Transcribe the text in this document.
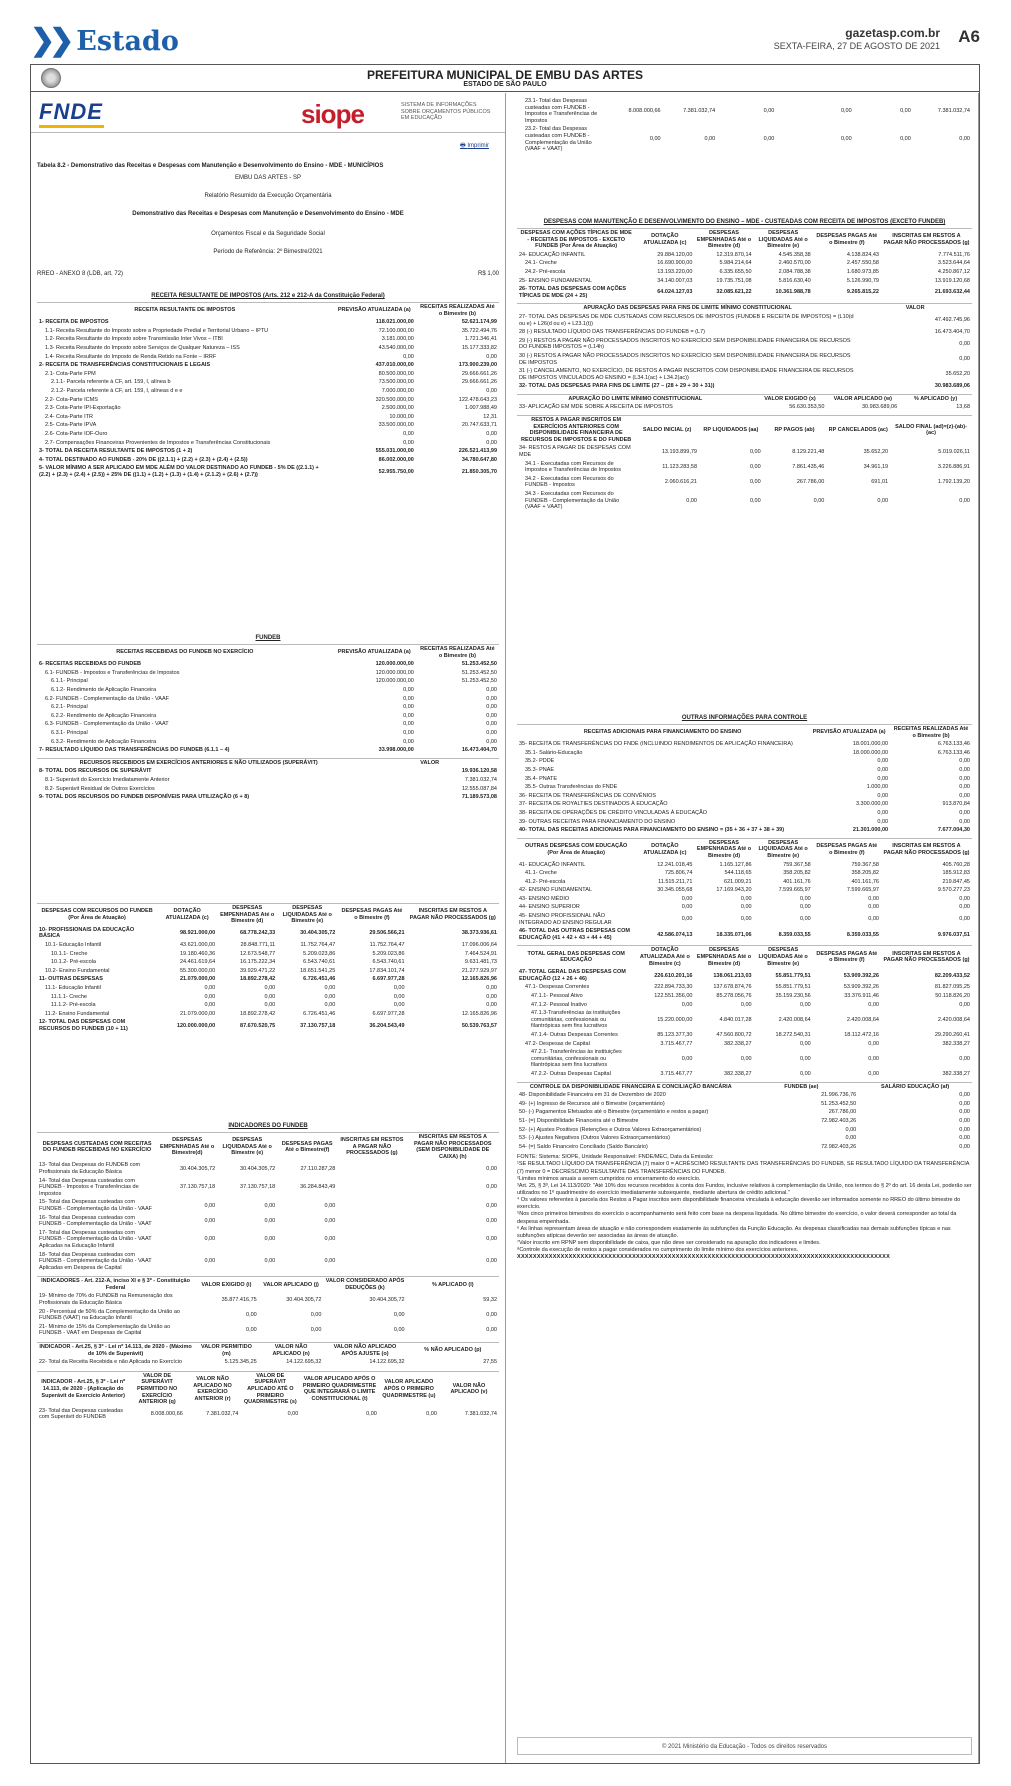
❯❯ Estado	gazetasp.com.br
SEXTA-FEIRA, 27 DE AGOSTO DE 2021 A6
PREFEITURA MUNICIPAL DE EMBU DAS ARTES
ESTADO DE SÃO PAULO
FNDE	siope	SISTEMA DE INFORMAÇÕES SOBRE ORÇAMENTOS PÚBLICOS EM EDUCAÇÃO
🖶 Imprimir
Tabela 8.2 - Demonstrativo das Receitas e Despesas com Manutenção e Desenvolvimento do Ensino - MDE - MUNICÍPIOS
EMBU DAS ARTES - SP
Relatório Resumido da Execução Orçamentária
Demonstrativo das Receitas e Despesas com Manutenção e Desenvolvimento do Ensino - MDE
Orçamentos Fiscal e da Seguridade Social
Período de Referência: 2º Bimestre/2021
RREO - ANEXO 8 (LDB, art. 72)	R$ 1,00
RECEITA RESULTANTE DE IMPOSTOS (Arts. 212 e 212-A da Constituição Federal)
RECEITA RESULTANTE DE IMPOSTOS	PREVISÃO ATUALIZADA (a)	RECEITAS REALIZADAS Até o Bimestre (b)
1- RECEITA DE IMPOSTOS	118.021.000,00	52.621.174,99
1.1- Receita Resultante do Imposto sobre a Propriedade Predial e Territorial Urbano – IPTU	72.100.000,00	35.722.494,76
1.2- Receita Resultante do Imposto sobre Transmissão Inter Vivos – ITBI	3.181.000,00	1.721.346,41
1.3- Receita Resultante do Imposto sobre Serviços de Qualquer Natureza – ISS	43.540.000,00	15.177.333,82
1.4- Receita Resultante do Imposto de Renda Retido na Fonte – IRRF	0,00	0,00
2- RECEITA DE TRANSFERÊNCIAS CONSTITUCIONAIS E LEGAIS	437.010.000,00	173.900.239,00
2.1- Cota-Parte FPM	80.500.000,00	29.666.661,26
2.1.1- Parcela referente à CF, art. 159, I, alínea b	73.500.000,00	29.666.661,26
2.1.2- Parcela referente à CF, art. 159, I, alíneas d e e	7.000.000,00	0,00
2.2- Cota-Parte ICMS	320.500.000,00	122.478.643,23
2.3- Cota-Parte IPI-Exportação	2.500.000,00	1.007.988,49
2.4- Cota-Parte ITR	10.000,00	12,31
2.5- Cota-Parte IPVA	33.500.000,00	20.747.633,71
2.6- Cota-Parte IOF-Ouro	0,00	0,00
2.7- Compensações Financeiras Provenientes de Impostos e Transferências Constitucionais	0,00	0,00
3- TOTAL DA RECEITA RESULTANTE DE IMPOSTOS (1 + 2)	555.031.000,00	226.521.413,99
4- TOTAL DESTINADO AO FUNDEB - 20% DE ((2.1.1) + (2.2) + (2.3) + (2.4) + (2.5))	86.002.000,00	34.780.647,80
5- VALOR MÍNIMO A SER APLICADO EM MDE ALÉM DO VALOR DESTINADO AO FUNDEB - 5% DE ((2.1.1) + (2.2) + (2.3) + (2.4) + (2.5)) + 25% DE ((1.1) + (1.2) + (1.3) + (1.4) + (2.1.2) + (2.6) + (2.7))	52.955.750,00	21.850.305,70
FUNDEB
RECEITAS RECEBIDAS DO FUNDEB NO EXERCÍCIO	PREVISÃO ATUALIZADA (a)	RECEITAS REALIZADAS Até o Bimestre (b)
6- RECEITAS RECEBIDAS DO FUNDEB	120.000.000,00	51.253.452,50
6.1- FUNDEB - Impostos e Transferências de Impostos	120.000.000,00	51.253.452,50
6.1.1- Principal	120.000.000,00	51.253.452,50
6.1.2- Rendimento de Aplicação Financeira	0,00	0,00
6.2- FUNDEB - Complementação da União - VAAF	0,00	0,00
6.2.1- Principal	0,00	0,00
6.2.2- Rendimento de Aplicação Financeira	0,00	0,00
6.3- FUNDEB - Complementação da União - VAAT	0,00	0,00
6.3.1- Principal	0,00	0,00
6.3.2- Rendimento de Aplicação Financeira	0,00	0,00
7- RESULTADO LÍQUIDO DAS TRANSFERÊNCIAS DO FUNDEB (6.1.1 – 4)	33.998.000,00	16.473.404,70
RECURSOS RECEBIDOS EM EXERCÍCIOS ANTERIORES E NÃO UTILIZADOS (SUPERÁVIT)	VALOR
8- TOTAL DOS RECURSOS DE SUPERÁVIT	19.936.120,58
8.1- Superávit do Exercício Imediatamente Anterior	7.381.032,74
8.2- Superávit Residual de Outros Exercícios	12.555.087,84
9- TOTAL DOS RECURSOS DO FUNDEB DISPONÍVEIS PARA UTILIZAÇÃO (6 + 8)	71.189.573,08
DESPESAS COM RECURSOS DO FUNDEB (Por Área de Atuação)	DOTAÇÃO ATUALIZADA (c)	DESPESAS EMPENHADAS Até o Bimestre (d)	DESPESAS LIQUIDADAS Até o Bimestre (e)	DESPESAS PAGAS Até o Bimestre (f)	INSCRITAS EM RESTOS A PAGAR NÃO PROCESSADOS (g)
10- PROFISSIONAIS DA EDUCAÇÃO BÁSICA	98.921.000,00	68.778.242,33	30.404.305,72	29.506.566,21	38.373.936,61
10.1- Educação Infantil	43.621.000,00	28.848.771,11	11.752.764,47	11.752.764,47	17.096.006,64
10.1.1- Creche	19.180.460,36	12.673.548,77	5.209.023,86	5.209.023,86	7.464.524,91
10.1.2- Pré-escola	24.461.619,64	16.175.222,34	6.543.740,61	6.543.740,61	9.631.481,73
10.2- Ensino Fundamental	55.300.000,00	39.929.471,22	18.651.541,25	17.834.101,74	21.277.929,97
11- OUTRAS DESPESAS	21.079.000,00	18.892.278,42	6.726.451,46	6.697.977,28	12.165.826,96
11.1- Educação Infantil	0,00	0,00	0,00	0,00	0,00
11.1.1- Creche	0,00	0,00	0,00	0,00	0,00
11.1.2- Pré-escola	0,00	0,00	0,00	0,00	0,00
11.2- Ensino Fundamental	21.079.000,00	18.892.278,42	6.726.451,46	6.697.977,28	12.165.826,96
12- TOTAL DAS DESPESAS COM RECURSOS DO FUNDEB (10 + 11)	120.000.000,00	87.670.520,75	37.130.757,18	36.204.543,49	50.539.763,57
INDICADORES DO FUNDEB
DESPESAS CUSTEADAS COM RECEITAS DO FUNDEB RECEBIDAS NO EXERCÍCIO	DESPESAS EMPENHADAS Até o Bimestre(d)	DESPESAS LIQUIDADAS Até o Bimestre (e)	DESPESAS PAGAS Até o Bimestre(f)	INSCRITAS EM RESTOS A PAGAR NÃO PROCESSADOS (g)	INSCRITAS EM RESTOS A PAGAR NÃO PROCESSADOS (SEM DISPONIBILIDADE DE CAIXA) (h)
13- Total das Despesas do FUNDEB com Profissionais da Educação Básica	30.404.305,72	30.404.305,72	27.110.287,28		0,00
14- Total das Despesas custeadas com FUNDEB - Impostos e Transferências de Impostos	37.130.757,18	37.130.757,18	36.284.843,49		0,00
15- Total das Despesas custeadas com FUNDEB - Complementação da União - VAAF	0,00	0,00	0,00		0,00
16- Total das Despesas custeadas com FUNDEB - Complementação da União - VAAT	0,00	0,00	0,00		0,00
17- Total das Despesas custeadas com FUNDEB - Complementação da União - VAAT Aplicadas na Educação Infantil	0,00	0,00	0,00		0,00
18- Total das Despesas custeadas com FUNDEB - Complementação da União - VAAT Aplicadas em Despesa de Capital	0,00	0,00	0,00		0,00
INDICADORES - Art. 212-A, inciso XI e § 3º - Constituição Federal	VALOR EXIGIDO (i)	VALOR APLICADO (j)	VALOR CONSIDERADO APÓS DEDUÇÕES (k)	% APLICADO (l)
19- Mínimo de 70% do FUNDEB na Remuneração dos Profissionais da Educação Básica	35.877.416,75	30.404.305,72	30.404.305,72	59,32
20 - Percentual de 50% da Complementação da União ao FUNDEB (VAAT) na Educação Infantil	0,00	0,00	0,00	0,00
21- Mínimo de 15% da Complementação da União ao FUNDEB - VAAT em Despesas de Capital	0,00	0,00	0,00	0,00
INDICADOR - Art.25, § 3º - Lei nº 14.113, de 2020 - (Máximo de 10% de Superávit)	VALOR PERMITIDO (m)	VALOR NÃO APLICADO (n)	VALOR NÃO APLICADO APÓS AJUSTE (o)	% NÃO APLICADO (p)
22- Total da Receita Recebida e não Aplicada no Exercício	5.125.345,25	14.122.695,32	14.122.695,32	27,55
INDICADOR - Art.25, § 3º - Lei nº 14.113, de 2020 - (Aplicação do Superávit de Exercício Anterior)	VALOR DE SUPERÁVIT PERMITIDO NO EXERCÍCIO ANTERIOR (q)	VALOR NÃO APLICADO NO EXERCÍCIO ANTERIOR (r)	VALOR DE SUPERÁVIT APLICADO ATÉ O PRIMEIRO QUADRIMESTRE (s)	VALOR APLICADO APÓS O PRIMEIRO QUADRIMESTRE QUE INTEGRARÁ O LIMITE CONSTITUCIONAL (t)	VALOR APLICADO APÓS O PRIMEIRO QUADRIMESTRE (u)	VALOR NÃO APLICADO (v)
23- Total das Despesas custeadas com Superávit do FUNDEB	8.008.000,66	7.381.032,74	0,00	0,00	0,00	7.381.032,74
23.1- Total das Despesas custeadas com FUNDEB - Impostos e Transferências de Impostos	8.008.000,66	7.381.032,74	0,00	0,00	0,00	7.381.032,74
23.2- Total das Despesas custeadas com FUNDEB - Complementação da União (VAAF + VAAT)	0,00	0,00	0,00	0,00	0,00	0,00
DESPESAS COM MANUTENÇÃO E DESENVOLVIMENTO DO ENSINO – MDE - CUSTEADAS COM RECEITA DE IMPOSTOS (EXCETO FUNDEB)
DESPESAS COM AÇÕES TÍPICAS DE MDE - RECEITAS DE IMPOSTOS - EXCETO FUNDEB (Por Área de Atuação)	DOTAÇÃO ATUALIZADA (c)	DESPESAS EMPENHADAS Até o Bimestre (d)	DESPESAS LIQUIDADAS Até o Bimestre (e)	DESPESAS PAGAS Até o Bimestre (f)	INSCRITAS EM RESTOS A PAGAR NÃO PROCESSADOS (g)
24- EDUCAÇÃO INFANTIL	29.884.120,00	12.319.870,14	4.545.358,38	4.138.824,43	7.774.511,76
24.1- Creche	16.690.900,00	5.984.214,64	2.460.570,00	2.457.550,58	3.523.644,64
24.2- Pré-escola	13.193.220,00	6.335.655,50	2.084.788,38	1.680.973,85	4.250.867,12
25- ENSINO FUNDAMENTAL	34.140.007,03	19.735.751,08	5.816.630,40	5.126.990,79	13.919.120,68
26- TOTAL DAS DESPESAS COM AÇÕES TÍPICAS DE MDE (24 + 25)	64.024.127,03	32.085.621,22	10.361.988,78	9.265.815,22	21.693.632,44
APURAÇÃO DAS DESPESAS PARA FINS DE LIMITE MÍNIMO CONSTITUCIONAL	VALOR
27- TOTAL DAS DESPESAS DE MDE CUSTEADAS COM RECURSOS DE IMPOSTOS (FUNDEB E RECEITA DE IMPOSTOS) = (L10(d ou e) + L26(d ou e) + L23.1(t))	47.492.745,96
28 (-) RESULTADO LÍQUIDO DAS TRANSFERÊNCIAS DO FUNDEB = (L7)	16.473.404,70
29 (-) RESTOS A PAGAR NÃO PROCESSADOS INSCRITOS NO EXERCÍCIO SEM DISPONIBILIDADE FINANCEIRA DE RECURSOS DO FUNDEB IMPOSTOS = (L14h)	0,00
30 (-) RESTOS A PAGAR NÃO PROCESSADOS INSCRITOS NO EXERCÍCIO SEM DISPONIBILIDADE FINANCEIRA DE RECURSOS DE IMPOSTOS	0,00
31 (-) CANCELAMENTO, NO EXERCÍCIO, DE RESTOS A PAGAR INSCRITOS COM DISPONIBILIDADE FINANCEIRA DE RECURSOS DE IMPOSTOS VINCULADOS AO ENSINO = (L34.1(ac) + L34.2(ac))	35.652,20
32- TOTAL DAS DESPESAS PARA FINS DE LIMITE (27 – (28 + 29 + 30 + 31))	30.983.689,06
APURAÇÃO DO LIMITE MÍNIMO CONSTITUCIONAL	VALOR EXIGIDO (x)	VALOR APLICADO (w)	% APLICADO (y)
33- APLICAÇÃO EM MDE SOBRE A RECEITA DE IMPOSTOS	56.630.353,50	30.983.689,06	13,68
RESTOS A PAGAR INSCRITOS EM EXERCÍCIOS ANTERIORES COM DISPONIBILIDADE FINANCEIRA DE RECURSOS DE IMPOSTOS E DO FUNDEB	SALDO INICIAL (z)	RP LIQUIDADOS (aa)	RP PAGOS (ab)	RP CANCELADOS (ac)	SALDO FINAL (ad)=(z)-(ab)-(ac)
34- RESTOS A PAGAR DE DESPESAS COM MDE	13.193.899,79	0,00	8.129.221,48	35.652,20	5.019.026,11
34.1 - Executadas com Recursos de Impostos e Transferências de Impostos	11.123.283,58	0,00	7.861.435,46	34.961,19	3.226.886,91
34.2 - Executadas com Recursos do FUNDEB - Impostos	2.060.616,21	0,00	267.786,00	691,01	1.792.139,20
34.3 - Executadas com Recursos do FUNDEB - Complementação da União (VAAF + VAAT)	0,00	0,00	0,00	0,00	0,00
OUTRAS INFORMAÇÕES PARA CONTROLE
RECEITAS ADICIONAIS PARA FINANCIAMENTO DO ENSINO	PREVISÃO ATUALIZADA (a)	RECEITAS REALIZADAS Até o Bimestre (b)
35- RECEITA DE TRANSFERÊNCIAS DO FNDE (INCLUINDO RENDIMENTOS DE APLICAÇÃO FINANCEIRA)	18.001.000,00	6.763.133,46
35.1- Salário-Educação	18.000.000,00	6.763.133,46
35.2- PDDE	0,00	0,00
35.3- PNAE	0,00	0,00
35.4- PNATE	0,00	0,00
35.5- Outras Transferências do FNDE	1.000,00	0,00
36- RECEITA DE TRANSFERÊNCIAS DE CONVÊNIOS	0,00	0,00
37- RECEITA DE ROYALTIES DESTINADOS À EDUCAÇÃO	3.300.000,00	913.870,84
38- RECEITA DE OPERAÇÕES DE CRÉDITO VINCULADAS À EDUCAÇÃO	0,00	0,00
39- OUTRAS RECEITAS PARA FINANCIAMENTO DO ENSINO	0,00	0,00
40- TOTAL DAS RECEITAS ADICIONAIS PARA FINANCIAMENTO DO ENSINO = (35 + 36 + 37 + 38 + 39)	21.301.000,00	7.677.004,30
OUTRAS DESPESAS COM EDUCAÇÃO (Por Área de Atuação)	DOTAÇÃO ATUALIZADA (c)	DESPESAS EMPENHADAS Até o Bimestre (d)	DESPESAS LIQUIDADAS Até o Bimestre (e)	DESPESAS PAGAS Até o Bimestre (f)	INSCRITAS EM RESTOS A PAGAR NÃO PROCESSADOS (g)
41- EDUCAÇÃO INFANTIL	12.241.018,45	1.165.127,86	759.367,58	759.367,58	405.760,28
41.1- Creche	725.806,74	544.118,65	358.205,82	358.205,82	185.912,83
41.2- Pré-escola	11.515.211,71	621.009,21	401.161,76	401.161,76	219.847,45
42- ENSINO FUNDAMENTAL	30.345.055,68	17.169.943,20	7.599.665,97	7.599.665,97	9.570.277,23
43- ENSINO MÉDIO	0,00	0,00	0,00	0,00	0,00
44- ENSINO SUPERIOR	0,00	0,00	0,00	0,00	0,00
45- ENSINO PROFISSIONAL NÃO INTEGRADO AO ENSINO REGULAR	0,00	0,00	0,00	0,00	0,00
46- TOTAL DAS OUTRAS DESPESAS COM EDUCAÇÃO (41 + 42 + 43 + 44 + 45)	42.586.074,13	18.335.071,06	8.359.033,55	8.359.033,55	9.976.037,51
TOTAL GERAL DAS DESPESAS COM EDUCAÇÃO	DOTAÇÃO ATUALIZADA Até o Bimestre (c)	DESPESAS EMPENHADAS Até o Bimestre (d)	DESPESAS LIQUIDADAS Até o Bimestre (e)	DESPESAS PAGAS Até o Bimestre (f)	INSCRITAS EM RESTOS A PAGAR NÃO PROCESSADOS (g)
47- TOTAL GERAL DAS DESPESAS COM EDUCAÇÃO (12 + 26 + 46)	226.610.201,16	138.061.213,03	55.851.779,51	53.909.392,26	82.209.433,52
47.1- Despesas Correntes	222.894.733,30	137.678.874,76	55.851.779,51	53.909.392,26	81.827.095,25
47.1.1- Pessoal Ativo	122.551.356,00	85.278.056,76	35.159.230,56	33.376.911,46	50.118.826,20
47.1.2- Pessoal Inativo	0,00	0,00	0,00	0,00	0,00
47.1.3-Transferências às instituições comunitárias, confessionais ou filantrópicas sem fins lucrativos	15.220.000,00	4.840.017,28	2.420.008,64	2.420.008,64	2.420.008,64
47.1.4- Outras Despesas Correntes	85.123.377,30	47.560.800,72	18.272.540,31	18.112.472,16	29.290.260,41
47.2- Despesas de Capital	3.715.467,77	382.338,27	0,00	0,00	382.338,27
47.2.1- Transferências às instituições comunitárias, confessionais ou filantrópicas sem fins lucrativos	0,00	0,00	0,00	0,00	0,00
47.2.2- Outras Despesas Capital	3.715.467,77	382.338,27	0,00	0,00	382.338,27
CONTROLE DA DISPONIBILIDADE FINANCEIRA E CONCILIAÇÃO BANCÁRIA	FUNDEB (ae)	SALÁRIO EDUCAÇÃO (af)
48- Disponibilidade Financeira em 31 de Dezembro de 2020	21.996.736,76	0,00
49- (+) Ingresso de Recursos até o Bimestre (orçamentário)	51.253.452,50	0,00
50- (-) Pagamentos Efetuados até o Bimestre (orçamentário e restos a pagar)	267.786,00	0,00
51- (=) Disponibilidade Financeira até o Bimestre	72.982.403,26	0,00
52- (+) Ajustes Positivos (Retenções e Outros Valores Extraorçamentários)	0,00	0,00
53- (-) Ajustes Negativos (Outros Valores Extraorçamentários)	0,00	0,00
54- (=) Saldo Financeiro Conciliado (Saldo Bancário)	72.982.403,26	0,00
FONTE: Sistema: SIOPE, Unidade Responsável: FNDE/MEC, Data da Emissão:
¹SE RESULTADO LÍQUIDO DA TRANSFERÊNCIA (7) maior 0 = ACRÉSCIMO RESULTANTE DAS TRANSFERÊNCIAS DO FUNDEB, SE RESULTADO LÍQUIDO DA TRANSFERÊNCIA (7) menor 0 = DECRÉSCIMO RESULTANTE DAS TRANSFERÊNCIAS DO FUNDEB.
²Limites mínimos anuais a serem cumpridos no encerramento do exercício.
³Art. 25, § 3º, Lei 14.113/2020: "Até 10% dos recursos recebidos à conta dos Fundos, inclusive relativos à complementação da União, nos termos do § 2º do art. 16 desta Lei, poderão ser utilizados no 1º quadrimestre do exercício imediatamente subsequente, mediante abertura de crédito adicional."
⁴ Os valores referentes à parcela dos Restos a Pagar inscritos sem disponibilidade financeira vinculada à educação deverão ser informados somente no RREO do último bimestre do exercício.
⁵Nos cinco primeiros bimestres do exercício o acompanhamento será feito com base na despesa liquidada. No último bimestre do exercício, o valor deverá corresponder ao total da despesa empenhada.
⁶ As linhas representam áreas de atuação e não correspondem exatamente às subfunções da Função Educação. As despesas classificadas nas demais subfunções típicas e nas subfunções atípicas deverão ser associadas às áreas de atuação.
⁷Valor inscrito em RPNP sem disponibilidade de caixa, que não deve ser considerado na apuração dos indicadores e limites.
⁸Controle da execução de restos a pagar considerados no cumprimento do limite mínimo dos exercícios anteriores.
XXXXXXXXXXXXXXXXXXXXXXXXXXXXXXXXXXXXXXXXXXXXXXXXXXXXXXXXXXXXXXXXXXXXXXXXXXXXXXXXXXXXXXXXXXXXXX
© 2021 Ministério da Educação - Todos os direitos reservados
